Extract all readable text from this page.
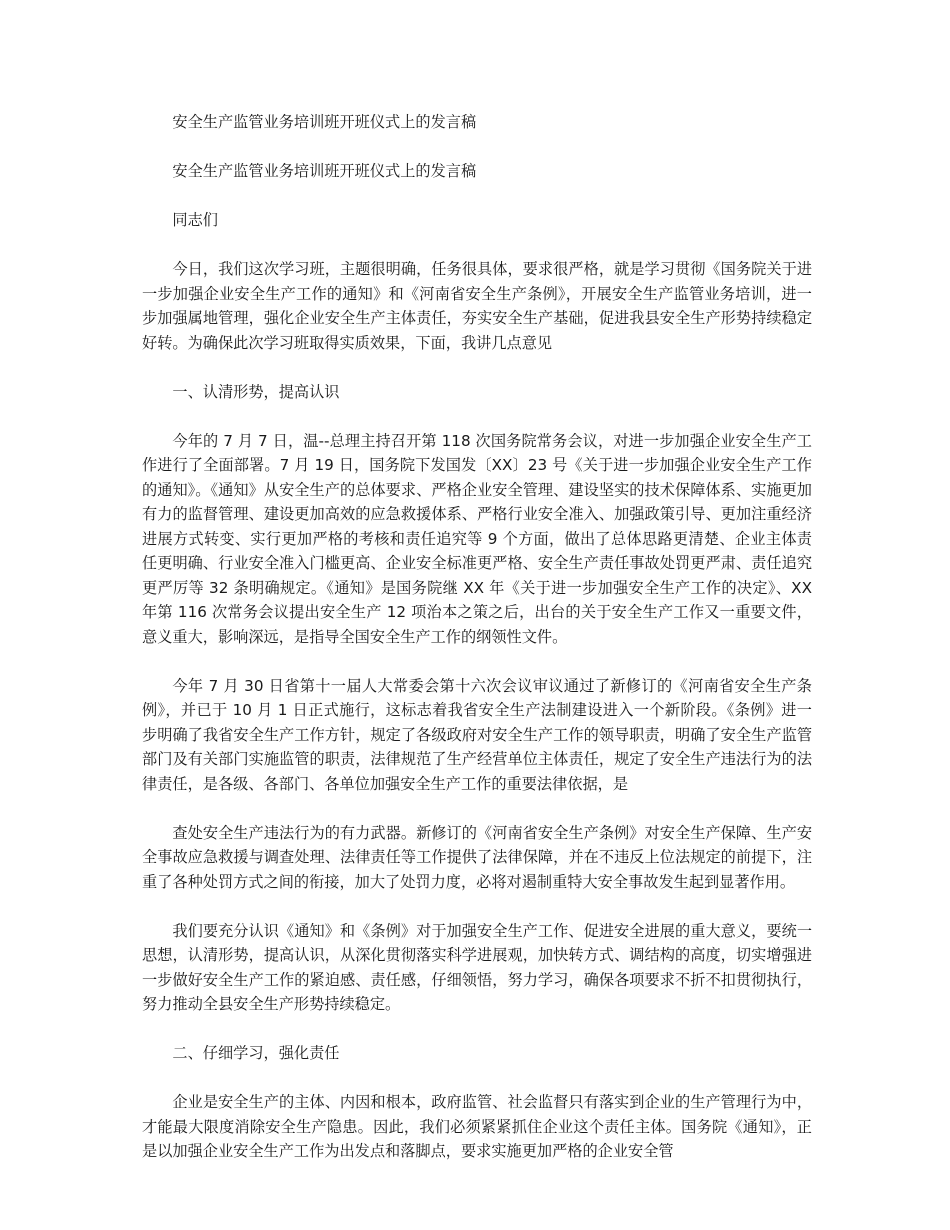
安全生产监管业务培训班开班仪式上的发言稿

安全生产监管业务培训班开班仪式上的发言稿

同志们

今日，我们这次学习班，主题很明确，任务很具体，要求很严格，就是学习贯彻《国务院关于进一步加强企业安全生产工作的通知》和《河南省安全生产条例》，开展安全生产监管业务培训，进一步加强属地管理，强化企业安全生产主体责任，夯实安全生产基础，促进我县安全生产形势持续稳定好转。为确保此次学习班取得实质效果，下面，我讲几点意见

一、认清形势，提高认识

今年的 7 月 7 日，温--总理主持召开第 118 次国务院常务会议，对进一步加强企业安全生产工作进行了全面部署。7 月 19 日，国务院下发国发〔XX〕23 号《关于进一步加强企业安全生产工作的通知》。《通知》从安全生产的总体要求、严格企业安全管理、建设坚实的技术保障体系、实施更加有力的监督管理、建设更加高效的应急救援体系、严格行业安全准入、加强政策引导、更加注重经济进展方式转变、实行更加严格的考核和责任追究等 9 个方面，做出了总体思路更清楚、企业主体责任更明确、行业安全准入门槛更高、企业安全标准更严格、安全生产责任事故处罚更严肃、责任追究更严厉等 32 条明确规定。《通知》是国务院继 XX 年《关于进一步加强安全生产工作的决定》、XX 年第 116 次常务会议提出安全生产 12 项治本之策之后，出台的关于安全生产工作又一重要文件，意义重大，影响深远，是指导全国安全生产工作的纲领性文件。

今年 7 月 30 日省第十一届人大常委会第十六次会议审议通过了新修订的《河南省安全生产条例》，并已于 10 月 1 日正式施行，这标志着我省安全生产法制建设进入一个新阶段。《条例》进一步明确了我省安全生产工作方针，规定了各级政府对安全生产工作的领导职责，明确了安全生产监管部门及有关部门实施监管的职责，法律规范了生产经营单位主体责任，规定了安全生产违法行为的法律责任，是各级、各部门、各单位加强安全生产工作的重要法律依据，是

查处安全生产违法行为的有力武器。新修订的《河南省安全生产条例》对安全生产保障、生产安全事故应急救援与调查处理、法律责任等工作提供了法律保障，并在不违反上位法规定的前提下，注重了各种处罚方式之间的衔接，加大了处罚力度，必将对遏制重特大安全事故发生起到显著作用。

我们要充分认识《通知》和《条例》对于加强安全生产工作、促进安全进展的重大意义，要统一思想，认清形势，提高认识，从深化贯彻落实科学进展观，加快转方式、调结构的高度，切实增强进一步做好安全生产工作的紧迫感、责任感，仔细领悟，努力学习，确保各项要求不折不扣贯彻执行，努力推动全县安全生产形势持续稳定。

二、仔细学习，强化责任

企业是安全生产的主体、内因和根本，政府监管、社会监督只有落实到企业的生产管理行为中，才能最大限度消除安全生产隐患。因此，我们必须紧紧抓住企业这个责任主体。国务院《通知》，正是以加强企业安全生产工作为出发点和落脚点，要求实施更加严格的企业安全管
